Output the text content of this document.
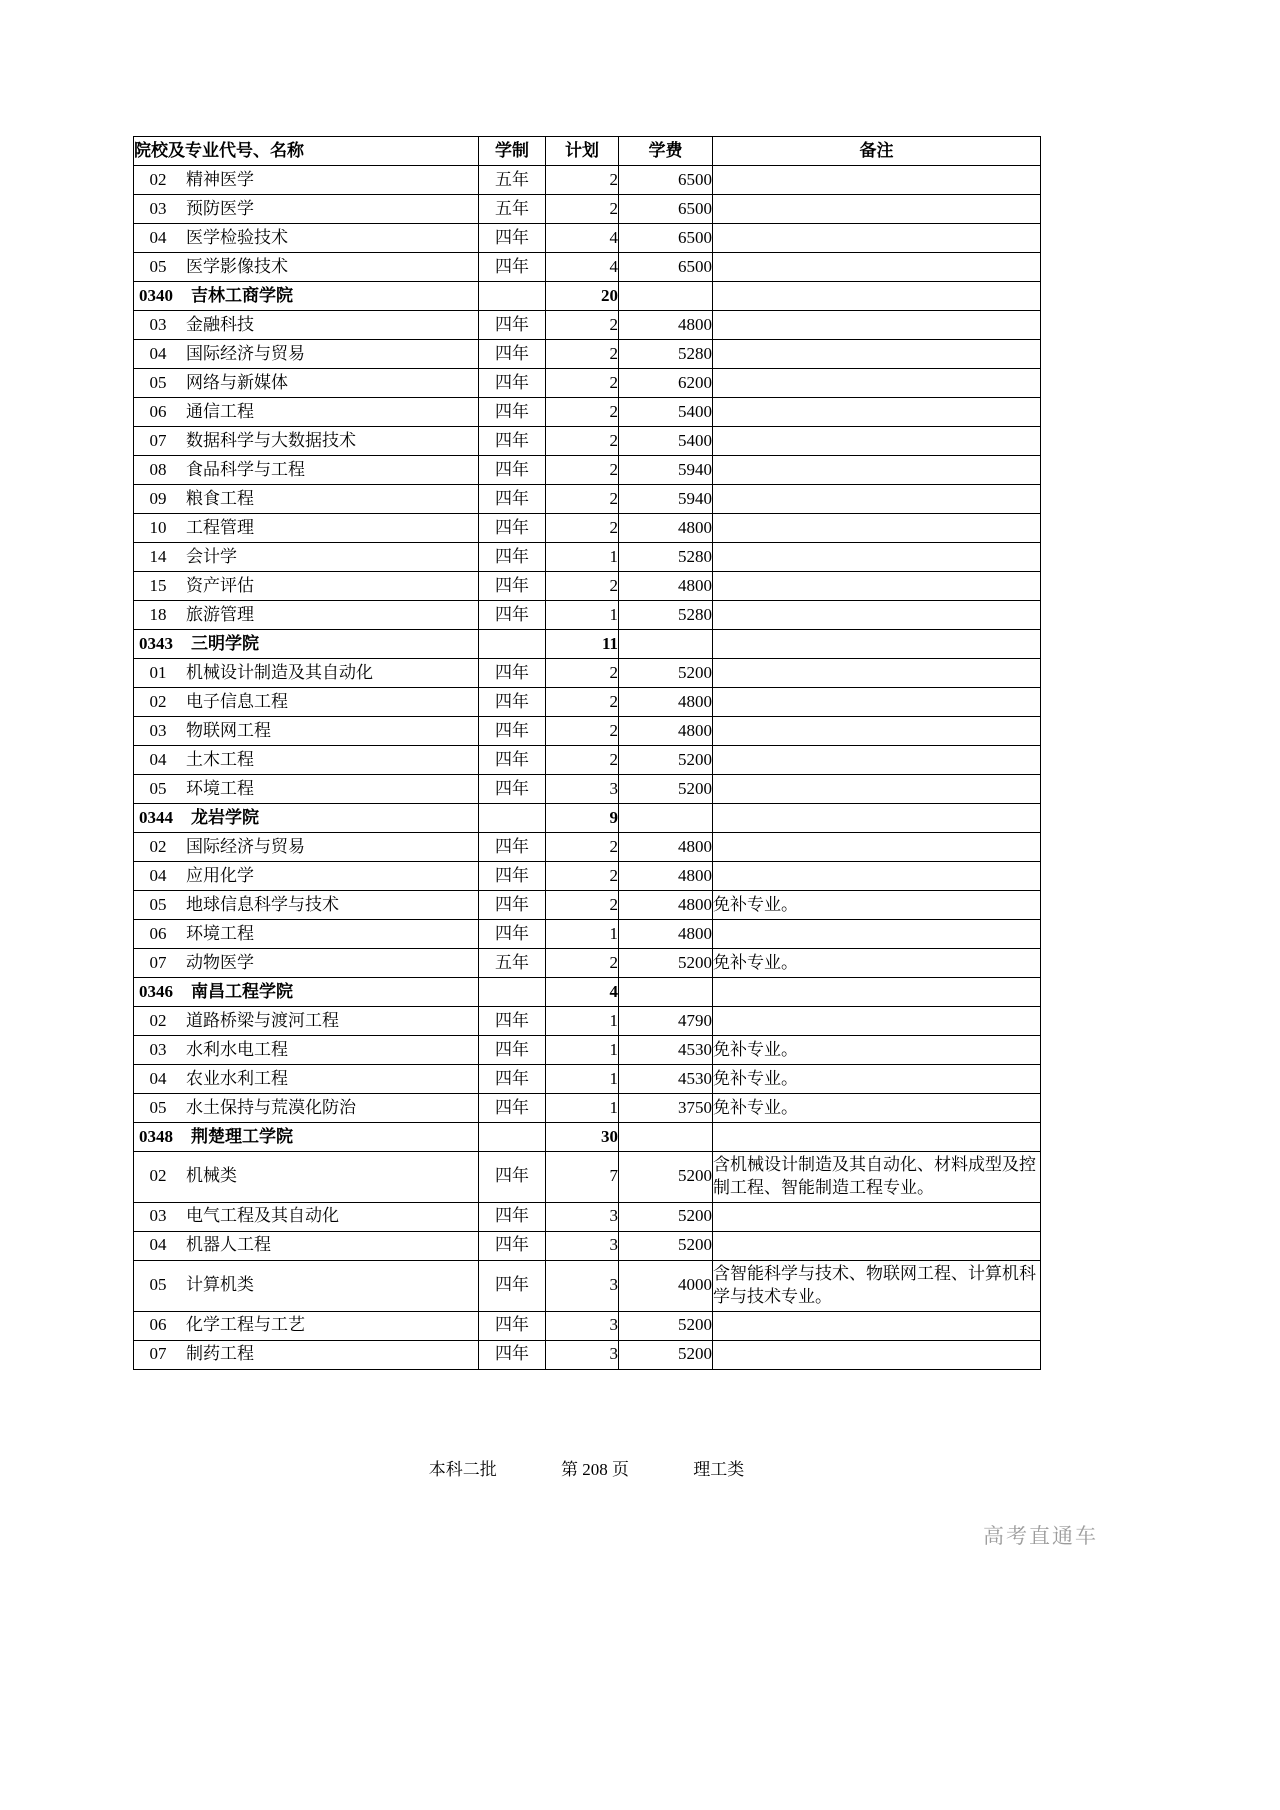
院校及专业代号、名称	学制	计划	学费	备注
02 精神医学	五年	2	6500	
03 预防医学	五年	2	6500	
04 医学检验技术	四年	4	6500	
05 医学影像技术	四年	4	6500	
0340 吉林工商学院		20		
03 金融科技	四年	2	4800	
04 国际经济与贸易	四年	2	5280	
05 网络与新媒体	四年	2	6200	
06 通信工程	四年	2	5400	
07 数据科学与大数据技术	四年	2	5400	
08 食品科学与工程	四年	2	5940	
09 粮食工程	四年	2	5940	
10 工程管理	四年	2	4800	
14 会计学	四年	1	5280	
15 资产评估	四年	2	4800	
18 旅游管理	四年	1	5280	
0343 三明学院		11		
01 机械设计制造及其自动化	四年	2	5200	
02 电子信息工程	四年	2	4800	
03 物联网工程	四年	2	4800	
04 土木工程	四年	2	5200	
05 环境工程	四年	3	5200	
0344 龙岩学院		9		
02 国际经济与贸易	四年	2	4800	
04 应用化学	四年	2	4800	
05 地球信息科学与技术	四年	2	4800	免补专业。
06 环境工程	四年	1	4800	
07 动物医学	五年	2	5200	免补专业。
0346 南昌工程学院		4		
02 道路桥梁与渡河工程	四年	1	4790	
03 水利水电工程	四年	1	4530	免补专业。
04 农业水利工程	四年	1	4530	免补专业。
05 水土保持与荒漠化防治	四年	1	3750	免补专业。
0348 荆楚理工学院		30		
02 机械类	四年	7	5200	含机械设计制造及其自动化、材料成型及控制工程、智能制造工程专业。
03 电气工程及其自动化	四年	3	5200	
04 机器人工程	四年	3	5200	
05 计算机类	四年	3	4000	含智能科学与技术、物联网工程、计算机科学与技术专业。
06 化学工程与工艺	四年	3	5200	
07 制药工程	四年	3	5200	
本科二批	第 208 页	理工类
高考直通车
